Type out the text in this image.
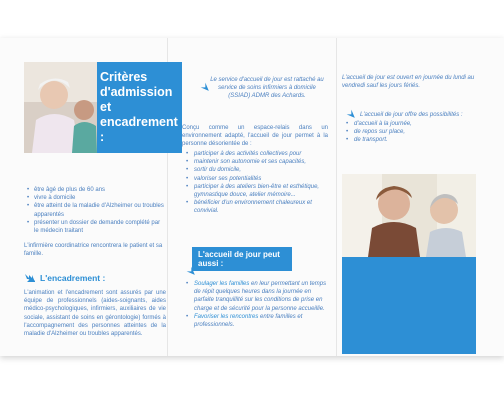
Critères d'admission et encadrement :
• être âgé de plus de 60 ans
• vivre à domicile
• être atteint de la maladie d'Alzheimer ou troubles apparentés
• présenter un dossier de demande complété par le médecin traitant
L'infirmière coordinatrice rencontrera le patient et sa famille.
L'encadrement :
L'animation et l'encadrement sont assurés par une équipe de professionnels (aides-soignants, aides médico-psychologiques, infirmiers, auxiliaires de vie sociale, assistant de soins en gérontologie) formés à l'accompagnement des personnes atteintes de la maladie d'Alzheimer ou troubles apparentés.
Le service d'accueil de jour est rattaché au service de soins infirmiers à domicile (SSIAD) ADMR des Achards.
Conçu comme un espace-relais dans un environnement adapté, l'accueil de jour permet à la personne désorientée de :
• participer à des activités collectives pour
• maintenir son autonomie et ses capacités,
• sortir du domicile,
• valoriser ses potentialités
• participer à des ateliers bien-être et esthétique, gymnastique douce, atelier mémoire...
• bénéficier d'un environnement chaleureux et convivial.
L'accueil de jour peut aussi :
• Soulager les familles en leur permettant un temps de répit quelques heures dans la journée en parfaite tranquillité sur les conditions de prise en charge et de sécurité pour la personne accueillie.
• Favoriser les rencontres entre familles et professionnels.
L'accueil de jour est ouvert en journée du lundi au vendredi sauf les jours fériés.
L'accueil de jour offre des possibilités :
• d'accueil à la journée,
• de repos sur place,
• de transport.
